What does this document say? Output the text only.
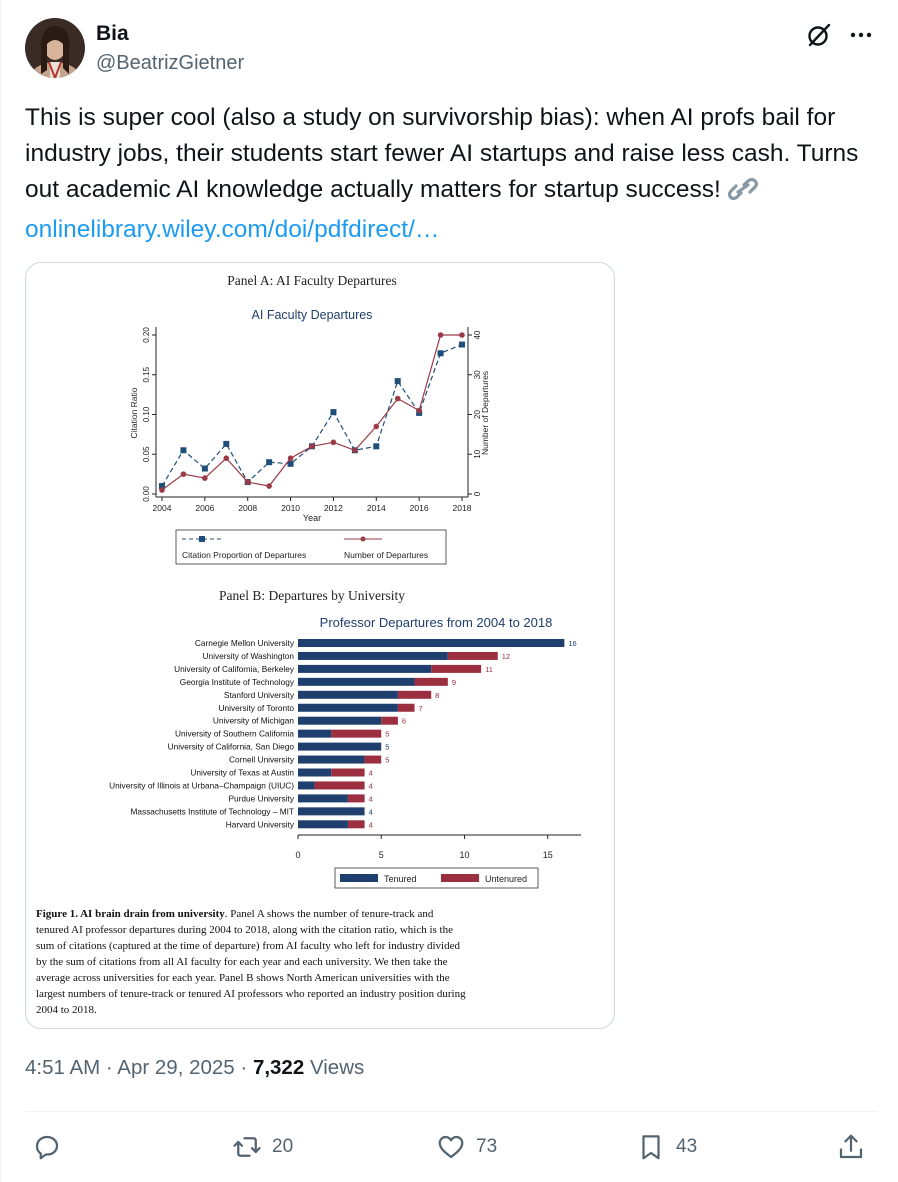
Bia
@BeatrizGietner
This is super cool (also a study on survivorship bias): when AI profs bail for industry jobs, their students start fewer AI startups and raise less cash. Turns out academic AI knowledge actually matters for startup success! onlinelibrary.wiley.com/doi/pdfdirect/…
Panel A: AI Faculty Departures
AI Faculty Departures
0.00
0.05
0.10
0.15
0.20
0
10
20
30
40
2004	2006	2008	2010	2012	2014	2016	2018
Citation Ratio	Number of Departures
Year
Citation Proportion of Departures	Number of Departures
Panel B: Departures by University
Professor Departures from 2004 to 2018
Carnegie Mellon University	16
University of Washington	12
University of California, Berkeley	11
Georgia Institute of Technology	9
Stanford University	8
University of Toronto	7
University of Michigan	6
University of Southern California	5
University of California, San Diego	5
Cornell University	5
University of Texas at Austin	4
University of Illinois at Urbana–Champaign (UIUC)	4
Purdue University	4
Massachusetts Institute of Technology – MIT	4
Harvard University	4
0	5	10	15
Tenured	Untenured
Figure 1. AI brain drain from university. Panel A shows the number of tenure-track and
tenured AI professor departures during 2004 to 2018, along with the citation ratio, which is the
sum of citations (captured at the time of departure) from AI faculty who left for industry divided
by the sum of citations from all AI faculty for each year and each university. We then take the
average across universities for each year. Panel B shows North American universities with the
largest numbers of tenure-track or tenured AI professors who reported an industry position during
2004 to 2018.
4:51 AM · Apr 29, 2025 · 7,322 Views
20	73	43
